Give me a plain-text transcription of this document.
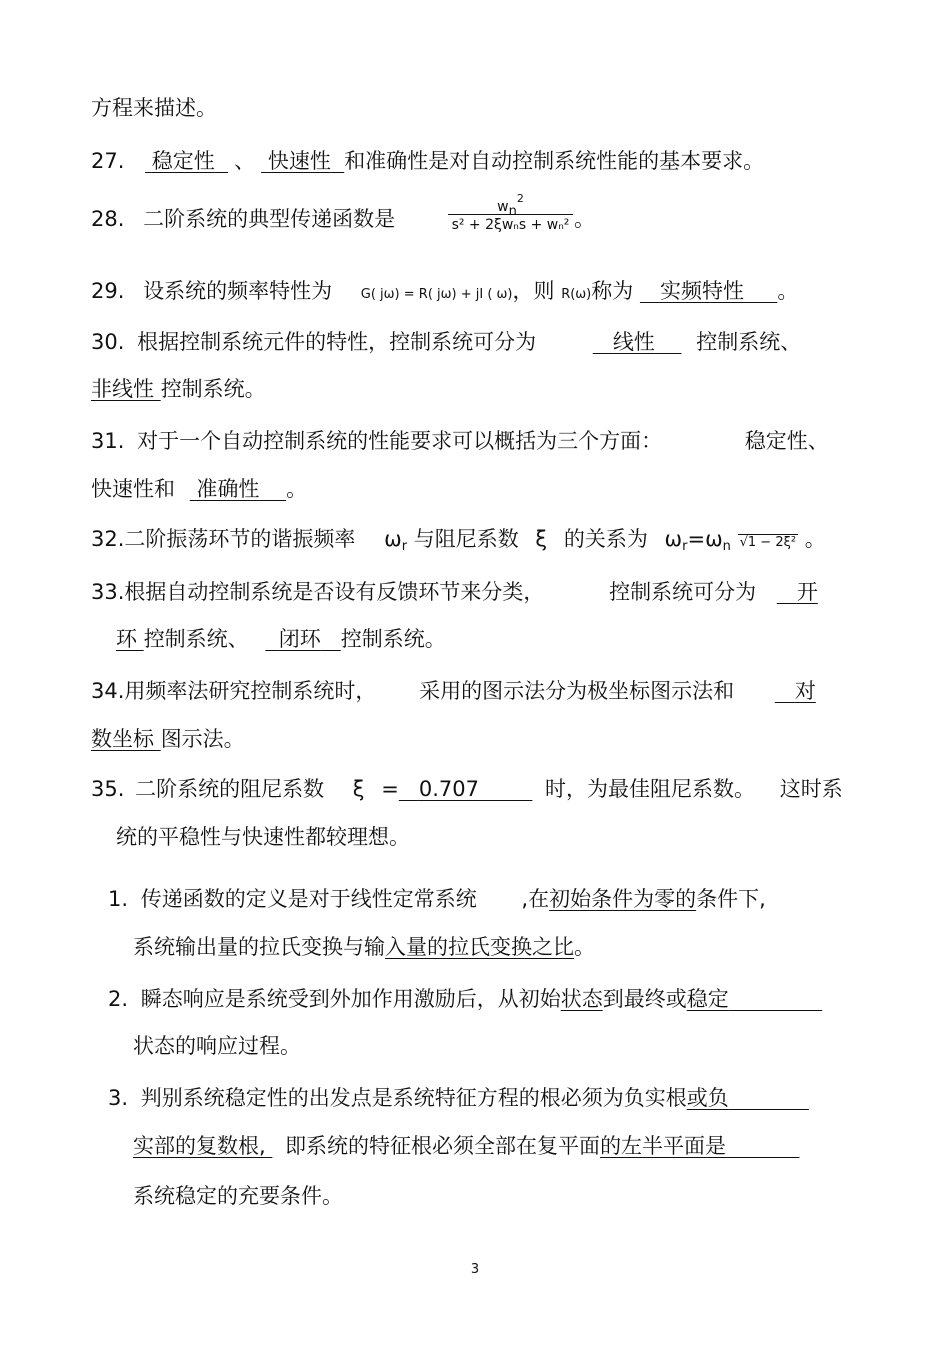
方程来描述。
27. 稳定性 、 快速性 和准确性是对自动控制系统性能的基本要求。
28. 二阶系统的典型传递函数是	$wn^2$
s² + 2ξwₙs + wₙ² 。
29. 设系统的频率特性为 G( jω) = R( jω) + jI ( ω)，则 R(ω)称为 实频特性 。
30. 根据控制系统元件的特性，控制系统可分为	线性 控制系统、
非线性 控制系统。
31. 对于一个自动控制系统的性能要求可以概括为三个方面：	稳定性、
快速性和 准确性 。
32.二阶振荡环节的谐振频率 $\omega_r$ 与阻尼系数 ξ 的关系为 $\omega_r=\omega_n$ √1 − 2ξ² 。
33.根据自动控制系统是否设有反馈环节来分类，	控制系统可分为 开
环 控制系统、 闭环 控制系统。
34.用频率法研究控制系统时， 采用的图示法分为极坐标图示法和	对
数坐标 图示法。
35. 二阶系统的阻尼系数 ξ = 0.707	时，为最佳阻尼系数。 这时系
统的平稳性与快速性都较理想。
1. 传递函数的定义是对于线性定常系统 ,在初始条件为零的条件下,
系统输出量的拉氏变换与输入量的拉氏变换之比。
2. 瞬态响应是系统受到外加作用激励后，从初始状态到最终或稳定
状态的响应过程。
3. 判别系统稳定性的出发点是系统特征方程的根必须为负实根或负
实部的复数根, 即系统的特征根必须全部在复平面的左半平面是
系统稳定的充要条件。
3
